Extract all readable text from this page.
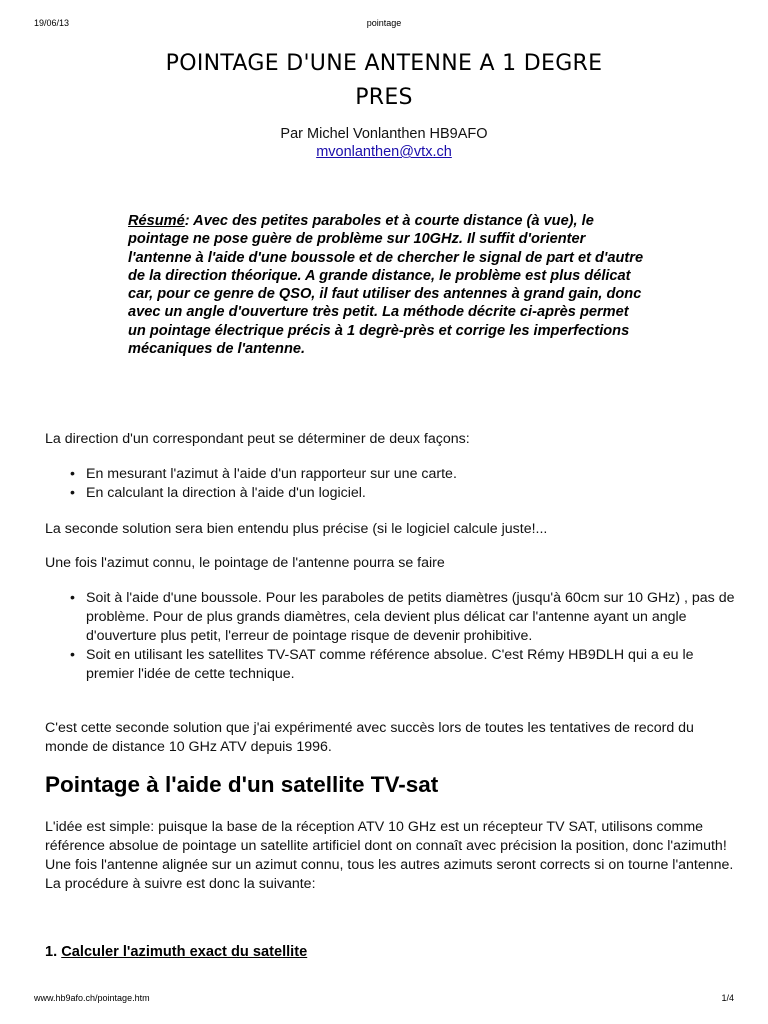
19/06/13	pointage
POINTAGE D'UNE ANTENNE A 1 DEGRE
PRES
Par Michel Vonlanthen HB9AFO
mvonlanthen@vtx.ch
Résumé: Avec des petites paraboles et à courte distance (à vue), le pointage ne pose guère de problème sur 10GHz. Il suffit d'orienter l'antenne à l'aide d'une boussole et de chercher le signal de part et d'autre de la direction théorique. A grande distance, le problème est plus délicat car, pour ce genre de QSO, il faut utiliser des antennes à grand gain, donc avec un angle d'ouverture très petit. La méthode décrite ci-après permet un pointage électrique précis à 1 degrè-près et corrige les imperfections mécaniques de l'antenne.
La direction d'un correspondant peut se déterminer de deux façons:
• En mesurant l'azimut à l'aide d'un rapporteur sur une carte.
• En calculant la direction à l'aide d'un logiciel.
La seconde solution sera bien entendu plus précise (si le logiciel calcule juste!...
Une fois l'azimut connu, le pointage de l'antenne pourra se faire
• Soit à l'aide d'une boussole. Pour les paraboles de petits diamètres (jusqu'à 60cm sur 10 GHz) , pas de problème. Pour de plus grands diamètres, cela devient plus délicat car l'antenne ayant un angle d'ouverture plus petit, l'erreur de pointage risque de devenir prohibitive.
• Soit en utilisant les satellites TV-SAT comme référence absolue. C'est Rémy HB9DLH qui a eu le premier l'idée de cette technique.
C'est cette seconde solution que j'ai expérimenté avec succès lors de toutes les tentatives de record du monde de distance 10 GHz ATV depuis 1996.
Pointage à l'aide d'un satellite TV-sat
L'idée est simple: puisque la base de la réception ATV 10 GHz est un récepteur TV SAT, utilisons comme référence absolue de pointage un satellite artificiel dont on connaît avec précision la position, donc l'azimuth! Une fois l'antenne alignée sur un azimut connu, tous les autres azimuts seront corrects si on tourne l'antenne.
La procédure à suivre est donc la suivante:
1. Calculer l'azimuth exact du satellite
www.hb9afo.ch/pointage.htm	1/4
